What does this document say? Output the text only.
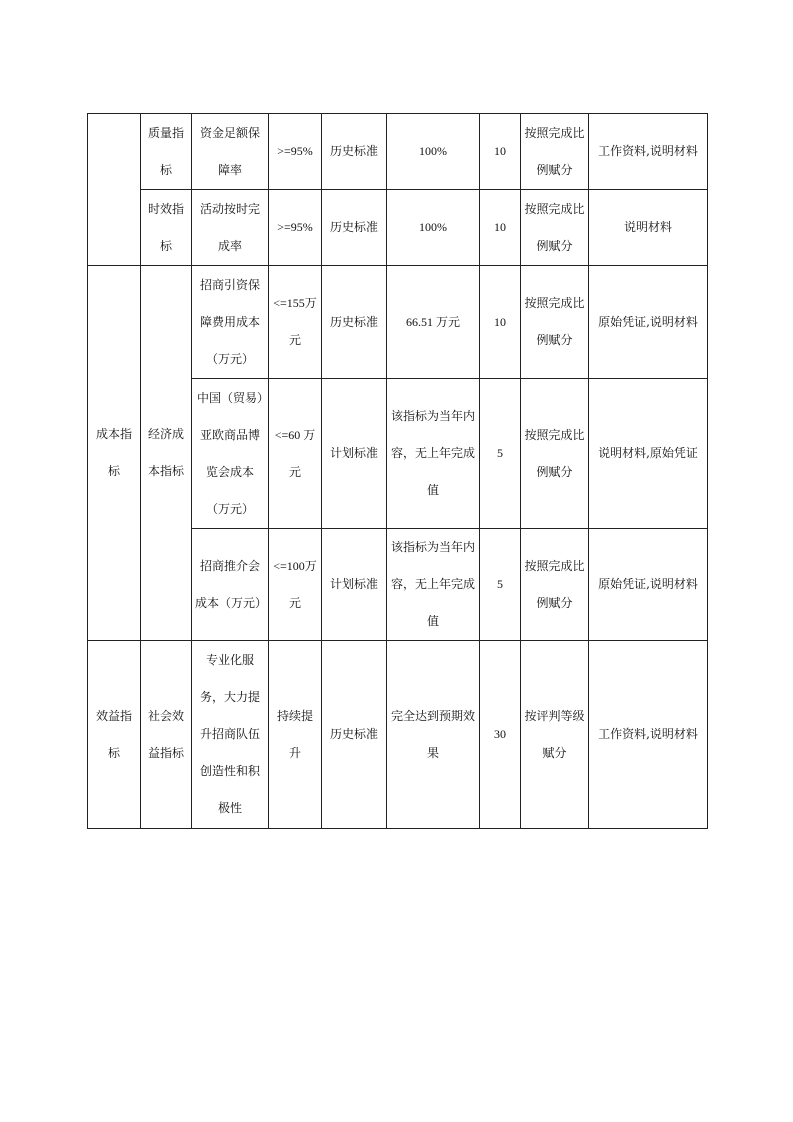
	质量指标	资金足额保障率	>=95%	历史标准	100%	10	按照完成比例赋分	工作资料,说明材料
	时效指标	活动按时完成率	>=95%	历史标准	100%	10	按照完成比例赋分	说明材料
成本指标	经济成本指标	招商引资保障费用成本（万元）	<=155万元	历史标准	66.51 万元	10	按照完成比例赋分	原始凭证,说明材料
		中国（贸易）亚欧商品博览会成本（万元）	<=60 万元	计划标准	该指标为当年内容，无上年完成值	5	按照完成比例赋分	说明材料,原始凭证
		招商推介会成本（万元）	<=100万元	计划标准	该指标为当年内容，无上年完成值	5	按照完成比例赋分	原始凭证,说明材料
效益指标	社会效益指标	专业化服务，大力提升招商队伍创造性和积极性	持续提升	历史标准	完全达到预期效果	30	按评判等级赋分	工作资料,说明材料
